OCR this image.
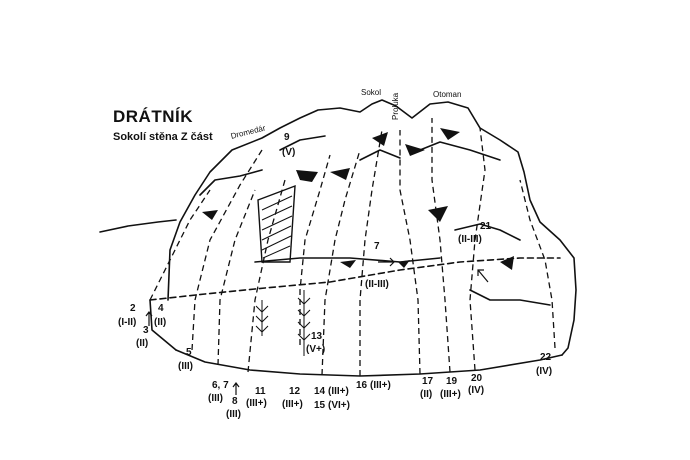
DRÁTNÍK
Sokolí stěna Z část Dromedár
Sokol
Proluka	Otoman
9
(V)
7
(II-III)
21
(II-III)
2
(I-II)
4
(II)
3
(II)
5
(III)
13
(V+)
6, 7
(III) 8
(III)
11
(III+)
12
(III+)
14 (III+)
15 (VI+)
16 (III+)	17
(II)
19
(III+)
20
(IV)
22
(IV)
